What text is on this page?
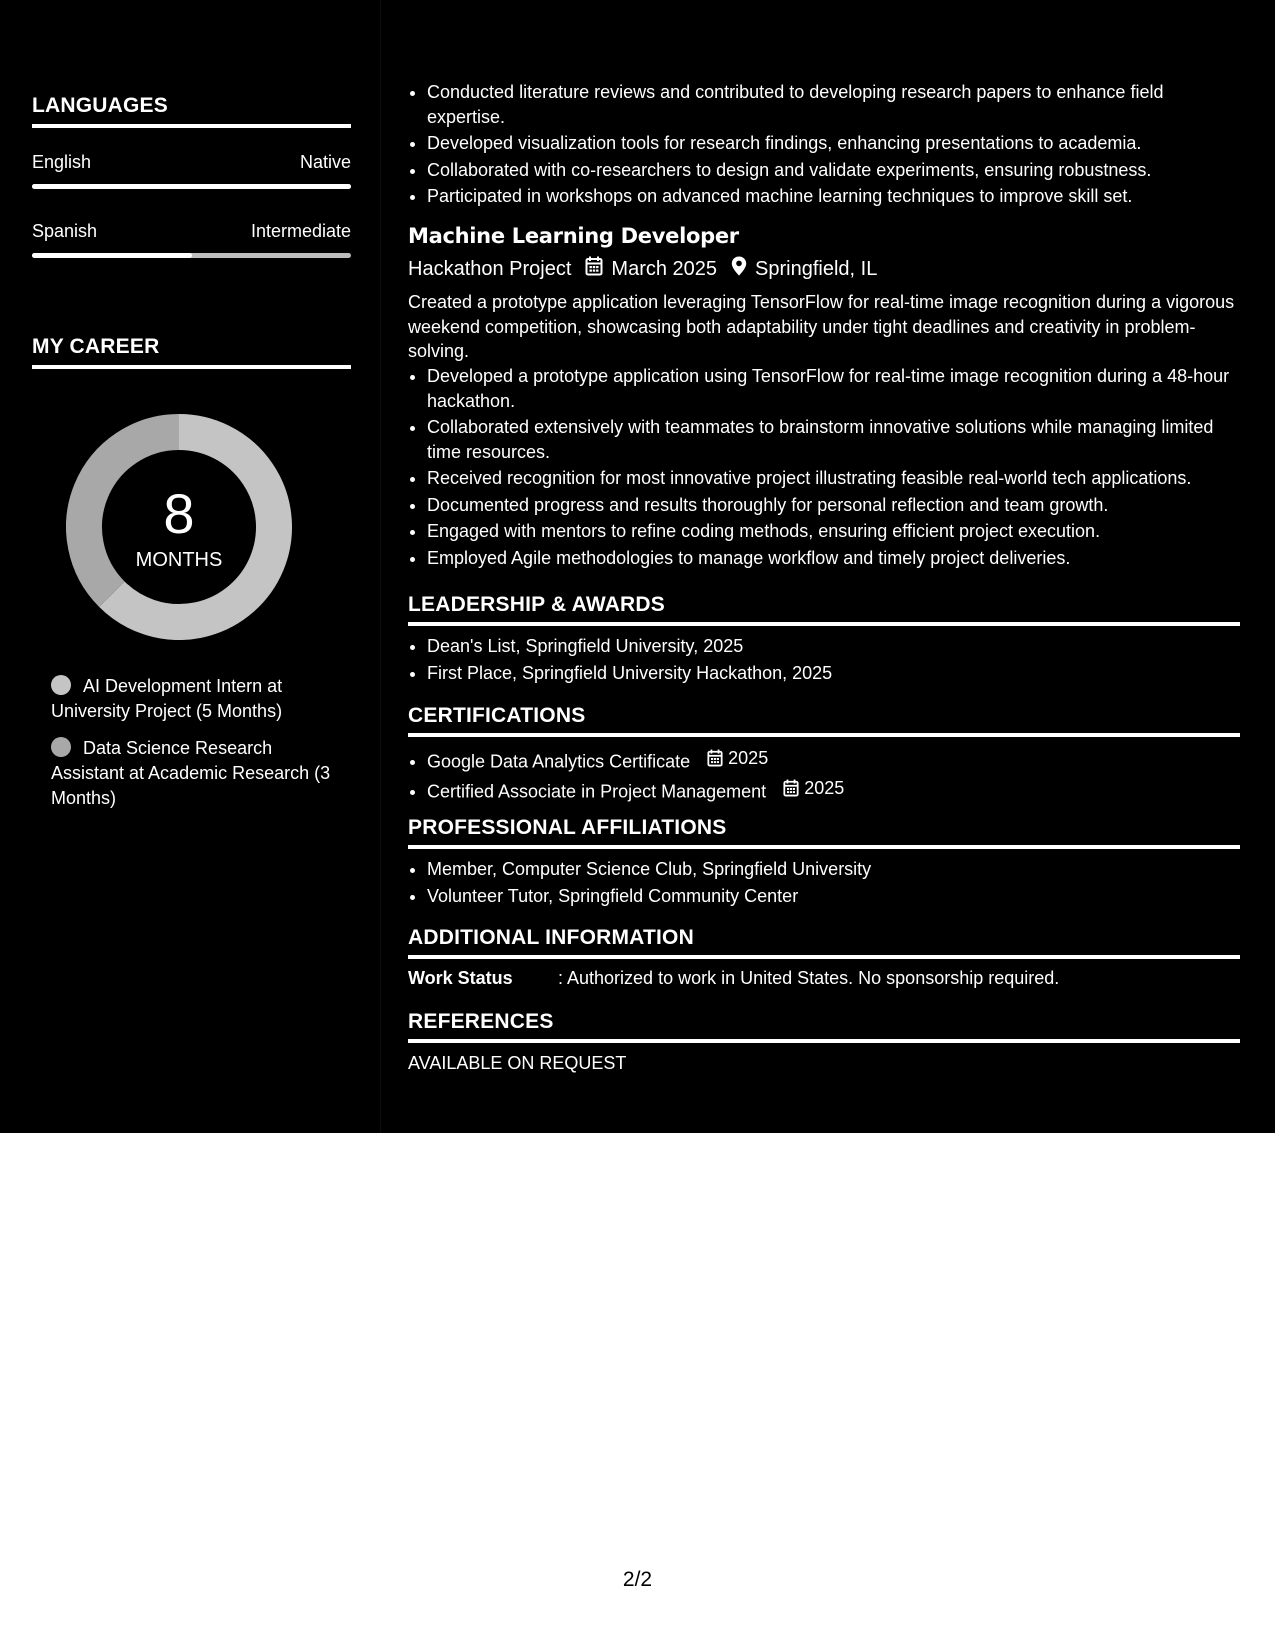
LANGUAGES
English	Native
Spanish	Intermediate
MY CAREER
8
MONTHS
AI Development Intern at University Project (5 Months)
Data Science Research Assistant at Academic Research (3 Months)
• Conducted literature reviews and contributed to developing research papers to enhance field expertise.
• Developed visualization tools for research findings, enhancing presentations to academia.
• Collaborated with co-researchers to design and validate experiments, ensuring robustness.
• Participated in workshops on advanced machine learning techniques to improve skill set.
Machine Learning Developer
Hackathon Project March 2025 Springfield, IL
Created a prototype application leveraging TensorFlow for real-time image recognition during a vigorous weekend competition, showcasing both adaptability under tight deadlines and creativity in problem-solving.
• Developed a prototype application using TensorFlow for real-time image recognition during a 48-hour hackathon.
• Collaborated extensively with teammates to brainstorm innovative solutions while managing limited time resources.
• Received recognition for most innovative project illustrating feasible real-world tech applications.
• Documented progress and results thoroughly for personal reflection and team growth.
• Engaged with mentors to refine coding methods, ensuring efficient project execution.
• Employed Agile methodologies to manage workflow and timely project deliveries.
LEADERSHIP & AWARDS
• Dean's List, Springfield University, 2025
• First Place, Springfield University Hackathon, 2025
CERTIFICATIONS
• Google Data Analytics Certificate 2025
• Certified Associate in Project Management 2025
PROFESSIONAL AFFILIATIONS
• Member, Computer Science Club, Springfield University
• Volunteer Tutor, Springfield Community Center
ADDITIONAL INFORMATION
Work Status	: Authorized to work in United States. No sponsorship required.
REFERENCES
AVAILABLE ON REQUEST
2/2
